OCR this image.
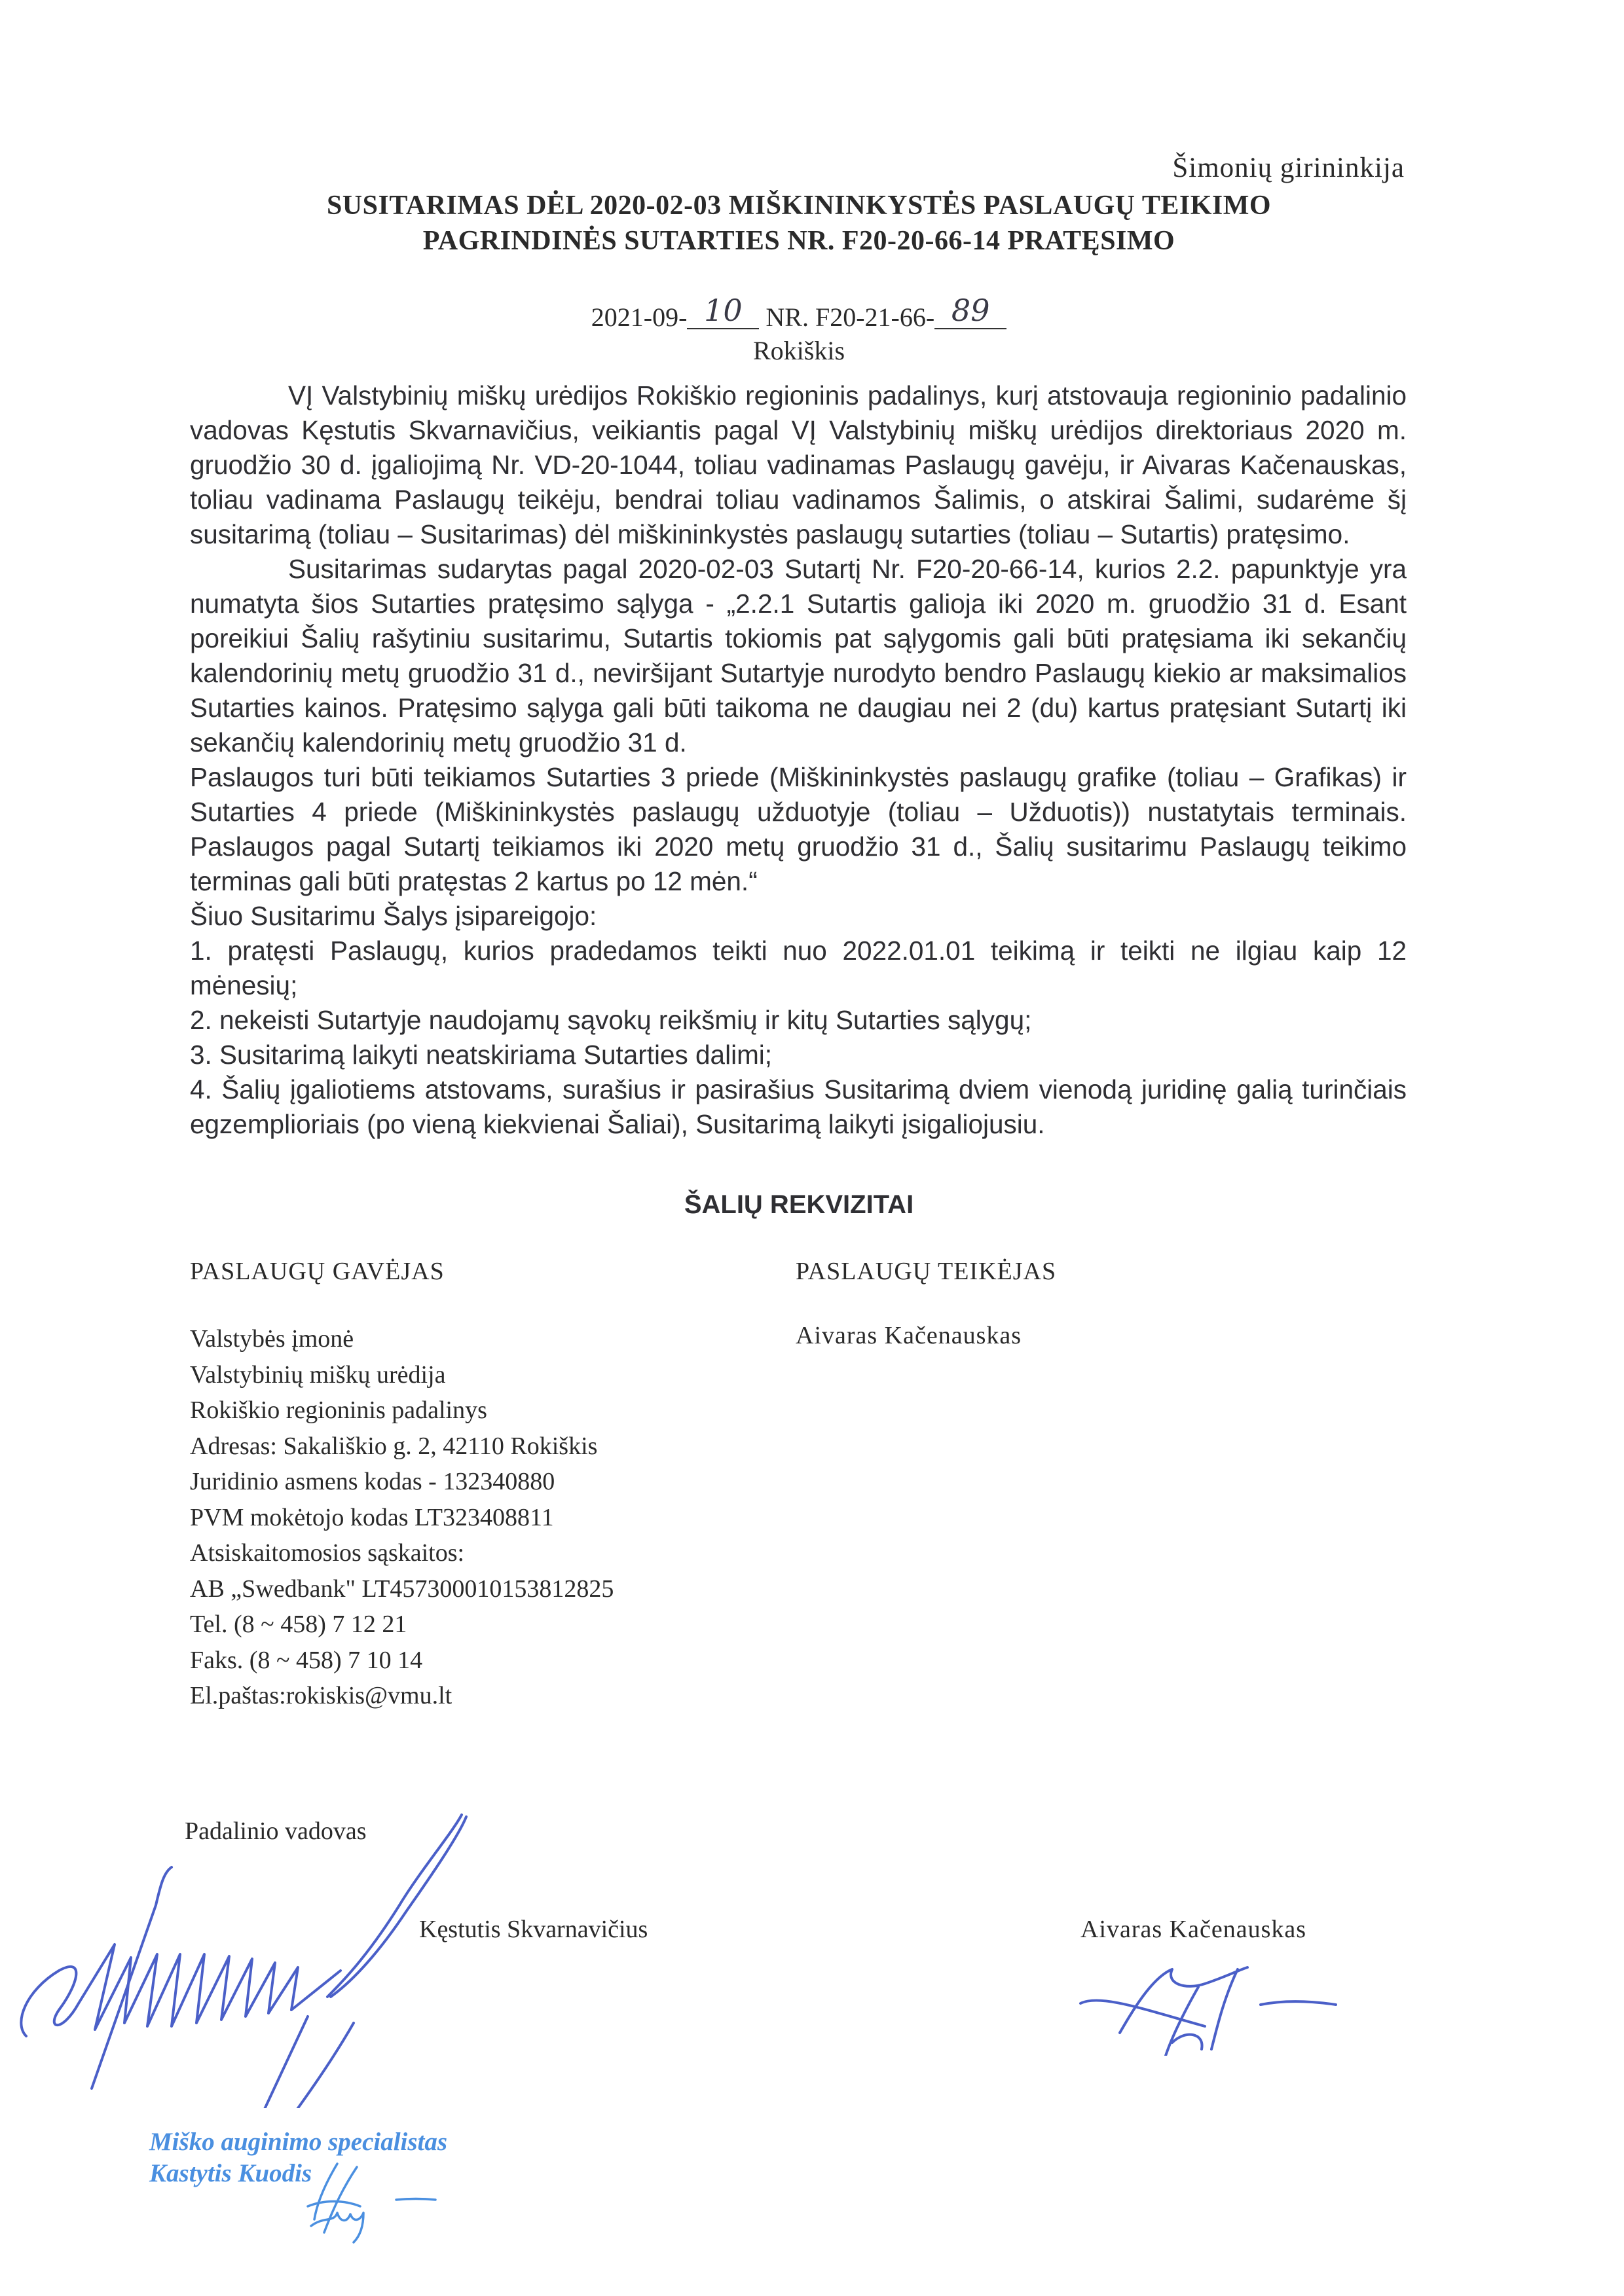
Šimonių girininkija
SUSITARIMAS DĖL 2020-02-03 MIŠKININKYSTĖS PASLAUGŲ TEIKIMO
PAGRINDINĖS SUTARTIES NR. F20-20-66-14 PRATĘSIMO
2021-09- 10 NR. F20-21-66- 89
Rokiškis

VĮ Valstybinių miškų urėdijos Rokiškio regioninis padalinys, kurį atstovauja regioninio padalinio vadovas Kęstutis Skvarnavičius, veikiantis pagal VĮ Valstybinių miškų urėdijos direktoriaus 2020 m. gruodžio 30 d. įgaliojimą Nr. VD-20-1044, toliau vadinamas Paslaugų gavėju, ir Aivaras Kačenauskas, toliau vadinama Paslaugų teikėju, bendrai toliau vadinamos Šalimis, o atskirai Šalimi, sudarėme šį susitarimą (toliau – Susitarimas) dėl miškininkystės paslaugų sutarties (toliau – Sutartis) pratęsimo.

Susitarimas sudarytas pagal 2020-02-03 Sutartį Nr. F20-20-66-14, kurios 2.2. papunktyje yra numatyta šios Sutarties pratęsimo sąlyga - „2.2.1 Sutartis galioja iki 2020 m. gruodžio 31 d. Esant poreikiui Šalių rašytiniu susitarimu, Sutartis tokiomis pat sąlygomis gali būti pratęsiama iki sekančių kalendorinių metų gruodžio 31 d., neviršijant Sutartyje nurodyto bendro Paslaugų kiekio ar maksimalios Sutarties kainos. Pratęsimo sąlyga gali būti taikoma ne daugiau nei 2 (du) kartus pratęsiant Sutartį iki sekančių kalendorinių metų gruodžio 31 d.

Paslaugos turi būti teikiamos Sutarties 3 priede (Miškininkystės paslaugų grafike (toliau – Grafikas) ir Sutarties 4 priede (Miškininkystės paslaugų užduotyje (toliau – Užduotis)) nustatytais terminais. Paslaugos pagal Sutartį teikiamos iki 2020 metų gruodžio 31 d., Šalių susitarimu Paslaugų teikimo terminas gali būti pratęstas 2 kartus po 12 mėn.“

Šiuo Susitarimu Šalys įsipareigojo:

1. pratęsti Paslaugų, kurios pradedamos teikti nuo 2022.01.01 teikimą ir teikti ne ilgiau kaip 12 mėnesių;

2. nekeisti Sutartyje naudojamų sąvokų reikšmių ir kitų Sutarties sąlygų;

3. Susitarimą laikyti neatskiriama Sutarties dalimi;

4. Šalių įgaliotiems atstovams, surašius ir pasirašius Susitarimą dviem vienodą juridinę galią turinčiais egzemplioriais (po vieną kiekvienai Šaliai), Susitarimą laikyti įsigaliojusiu.

ŠALIŲ REKVIZITAI
PASLAUGŲ GAVĖJAS	PASLAUGŲ TEIKĖJAS
Valstybės įmonė
Valstybinių miškų urėdija
Rokiškio regioninis padalinys
Adresas: Sakališkio g. 2, 42110 Rokiškis
Juridinio asmens kodas - 132340880
PVM mokėtojo kodas LT323408811
Atsiskaitomosios sąskaitos:
AB „Swedbank" LT457300010153812825
Tel. (8 ~ 458) 7 12 21
Faks. (8 ~ 458) 7 10 14
El.paštas:rokiskis@vmu.lt
Aivaras Kačenauskas
Padalinio vadovas
Kęstutis Skvarnavičius	Aivaras Kačenauskas
Miško auginimo specialistas
Kastytis Kuodis
